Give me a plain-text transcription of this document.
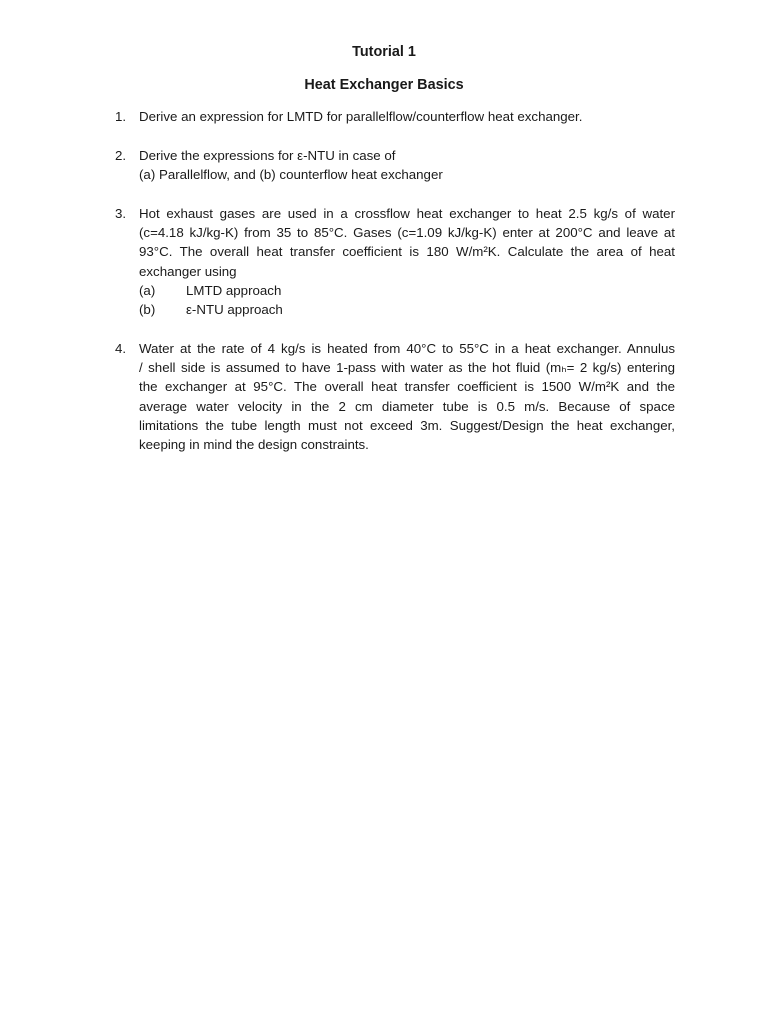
Tutorial 1
Heat Exchanger Basics
1. Derive an expression for LMTD for parallelflow/counterflow heat exchanger.
2. Derive the expressions for ε-NTU in case of
(a) Parallelflow, and (b) counterflow heat exchanger
3. Hot exhaust gases are used in a crossflow heat exchanger to heat 2.5 kg/s of water
(c=4.18 kJ/kg-K) from 35 to 85°C. Gases (c=1.09 kJ/kg-K) enter at 200°C and leave at
93°C. The overall heat transfer coefficient is 180 W/m²K. Calculate the area of heat
exchanger using
(a)	LMTD approach
(b)	ε-NTU approach
4. Water at the rate of 4 kg/s is heated from 40°C to 55°C in a heat exchanger. Annulus
/ shell side is assumed to have 1-pass with water as the hot fluid (mₕ= 2 kg/s) entering
the exchanger at 95°C. The overall heat transfer coefficient is 1500 W/m²K and the
average water velocity in the 2 cm diameter tube is 0.5 m/s. Because of space
limitations the tube length must not exceed 3m. Suggest/Design the heat exchanger,
keeping in mind the design constraints.
